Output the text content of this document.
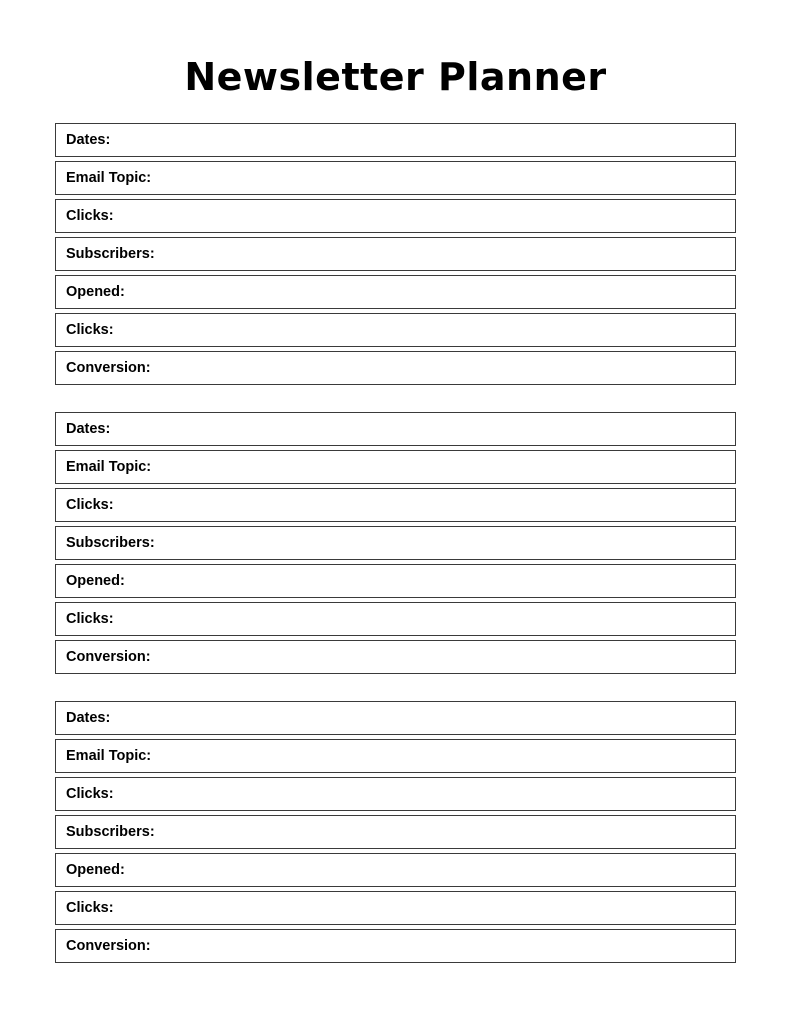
Newsletter Planner
Dates:
Email Topic:
Clicks:
Subscribers:
Opened:
Clicks:
Conversion:
Dates:
Email Topic:
Clicks:
Subscribers:
Opened:
Clicks:
Conversion:
Dates:
Email Topic:
Clicks:
Subscribers:
Opened:
Clicks:
Conversion:
